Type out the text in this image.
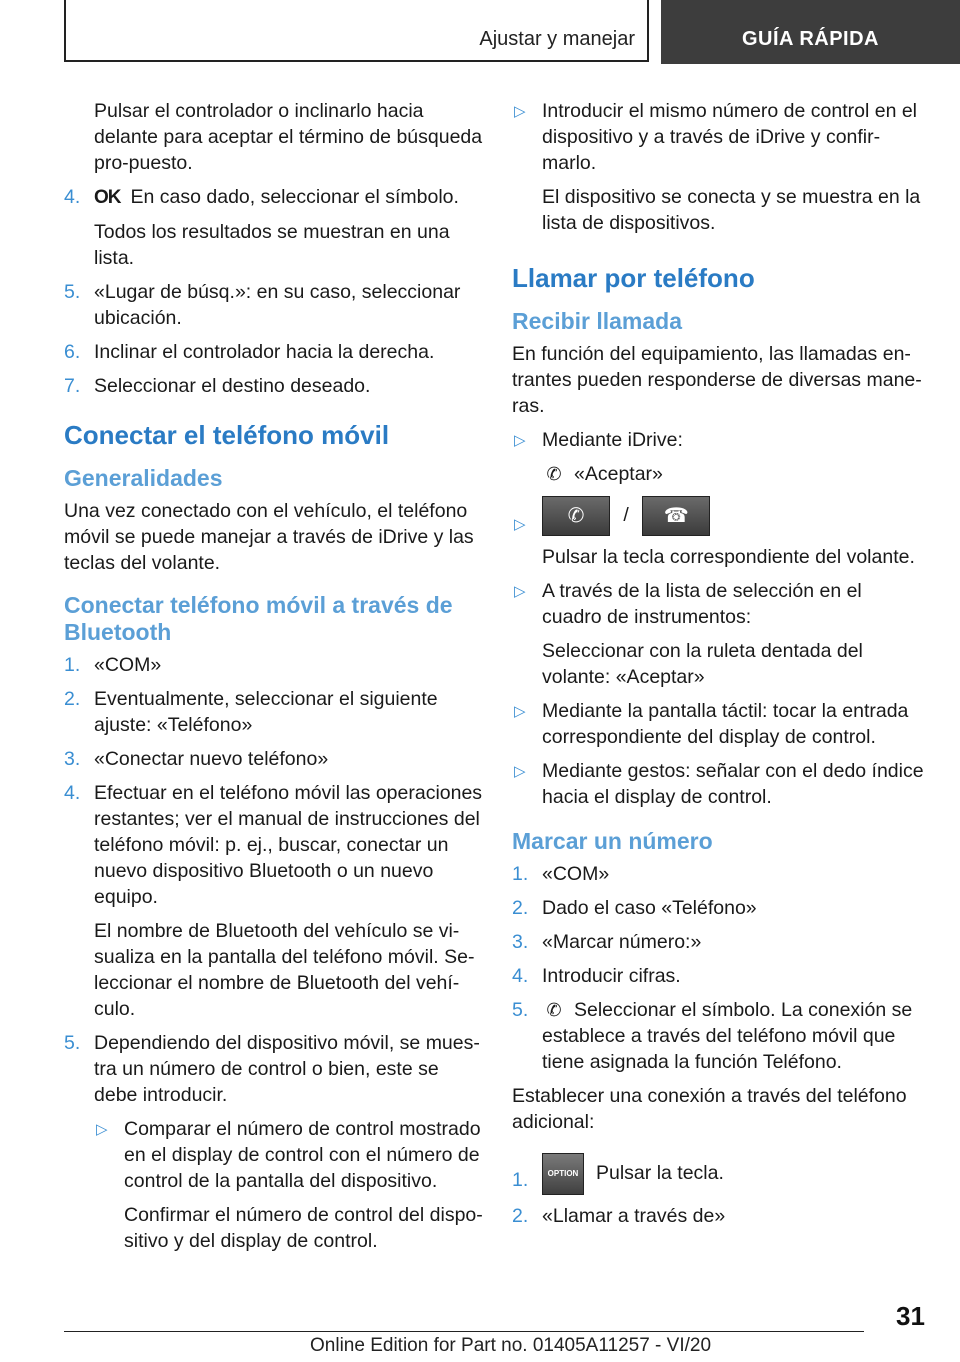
Ajustar y manejar	GUÍA RÁPIDA
Pulsar el controlador o inclinarlo hacia delante para aceptar el término de búsqueda pro-puesto.
4. OK En caso dado, seleccionar el símbolo.
Todos los resultados se muestran en una lista.
5. «Lugar de búsq.»: en su caso, seleccionar ubicación.
6. Inclinar el controlador hacia la derecha.
7. Seleccionar el destino deseado.
Conectar el teléfono móvil
Generalidades
Una vez conectado con el vehículo, el teléfono móvil se puede manejar a través de iDrive y las teclas del volante.
Conectar teléfono móvil a través de Bluetooth
1. «COM»
2. Eventualmente, seleccionar el siguiente ajuste: «Teléfono»
3. «Conectar nuevo teléfono»
4. Efectuar en el teléfono móvil las operaciones restantes; ver el manual de instrucciones del teléfono móvil: p. ej., buscar, conectar un nuevo dispositivo Bluetooth o un nuevo equipo.
El nombre de Bluetooth del vehículo se vi-sualiza en la pantalla del teléfono móvil. Se-leccionar el nombre de Bluetooth del vehí-culo.
5. Dependiendo del dispositivo móvil, se mues-tra un número de control o bien, este se debe introducir.
▷ Comparar el número de control mostrado en el display de control con el número de control de la pantalla del dispositivo.
Confirmar el número de control del dispo-sitivo y del display de control.
▷ Introducir el mismo número de control en el dispositivo y a través de iDrive y confir-marlo.
El dispositivo se conecta y se muestra en la lista de dispositivos.
Llamar por teléfono
Recibir llamada
En función del equipamiento, las llamadas en-trantes pueden responderse de diversas mane-ras.
▷ Mediante iDrive:
✆ «Aceptar»
▷ ✆ / ☎
Pulsar la tecla correspondiente del volante.
▷ A través de la lista de selección en el cuadro de instrumentos:
Seleccionar con la ruleta dentada del volante: «Aceptar»
▷ Mediante la pantalla táctil: tocar la entrada correspondiente del display de control.
▷ Mediante gestos: señalar con el dedo índice hacia el display de control.
Marcar un número
1. «COM»
2. Dado el caso «Teléfono»
3. «Marcar número:»
4. Introducir cifras.
5. ✆ Seleccionar el símbolo. La conexión se establece a través del teléfono móvil que tiene asignada la función Teléfono.
Establecer una conexión a través del teléfono adicional:
1. OPTION Pulsar la tecla.
2. «Llamar a través de»
31
Online Edition for Part no. 01405A11257 - VI/20
